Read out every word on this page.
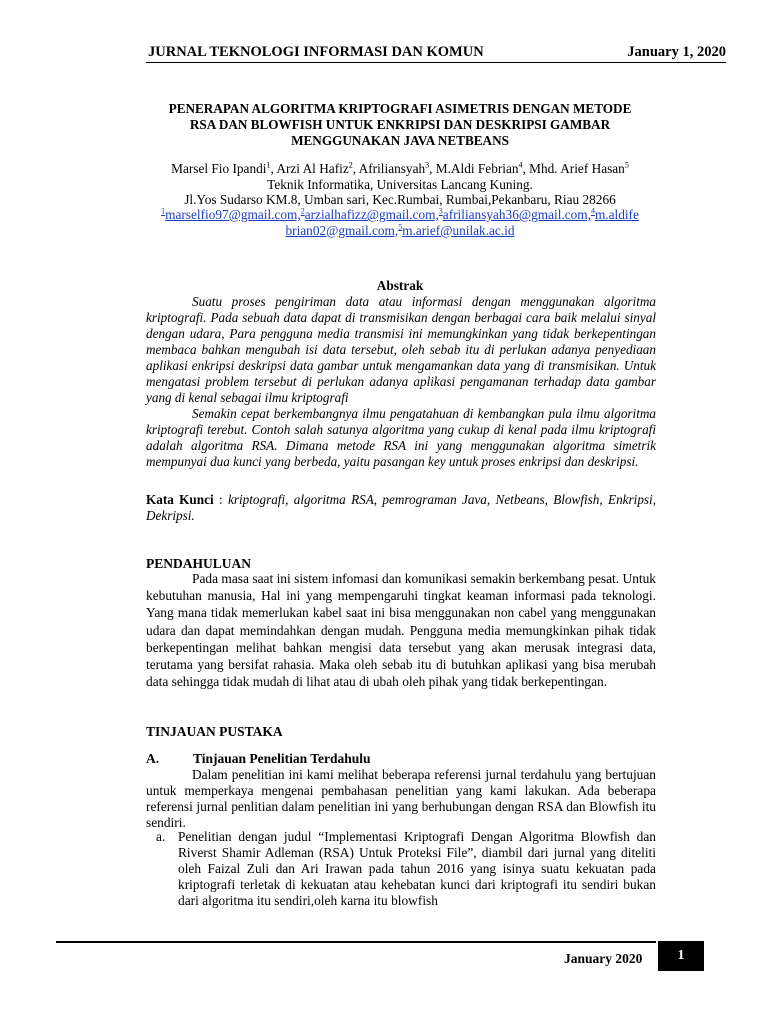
JURNAL TEKNOLOGI INFORMASI DAN KOMUN	January 1, 2020
PENERAPAN ALGORITMA KRIPTOGRAFI ASIMETRIS DENGAN METODE
RSA DAN BLOWFISH UNTUK ENKRIPSI DAN DESKRIPSI GAMBAR
MENGGUNAKAN JAVA NETBEANS
Marsel Fio Ipandi$^1$, Arzi Al Hafiz$^2$, Afriliansyah$^3$, M.Aldi Febrian$^4$, Mhd. Arief Hasan$^5$
Teknik Informatika, Universitas Lancang Kuning.
Jl.Yos Sudarso KM.8, Umban sari, Kec.Rumbai, Rumbai,Pekanbaru, Riau 28266
$^1$marselfio97@gmail.com,$^2$arzialhafizz@gmail.com,$^3$afriliansyah36@gmail.com,$^4$m.aldife
brian02@gmail.com,$^5$m.arief@unilak.ac.id
Abstrak

Suatu proses pengiriman data atau informasi dengan menggunakan algoritma kriptografi. Pada sebuah data dapat di transmisikan dengan berbagai cara baik melalui sinyal dengan udara, Para pengguna media transmisi ini memungkinkan yang tidak berkepentingan membaca bahkan mengubah isi data tersebut, oleh sebab itu di perlukan adanya penyediaan aplikasi enkripsi deskripsi data gambar untuk mengamankan data yang di transmisikan. Untuk mengatasi problem tersebut di perlukan adanya aplikasi pengamanan terhadap data gambar yang di kenal sebagai ilmu kriptografi

Semakin cepat berkembangnya ilmu pengatahuan di kembangkan pula ilmu algoritma kriptografi terebut. Contoh salah satunya algoritma yang cukup di kenal pada ilmu kriptografi adalah algoritma RSA. Dimana metode RSA ini yang menggunakan algoritma simetrik mempunyai dua kunci yang berbeda, yaitu pasangan key untuk proses enkripsi dan deskripsi.

Kata Kunci : kriptografi, algoritma RSA, pemrograman Java, Netbeans, Blowfish, Enkripsi, Dekripsi.
PENDAHULUAN

Pada masa saat ini sistem infomasi dan komunikasi semakin berkembang pesat. Untuk kebutuhan manusia, Hal ini yang mempengaruhi tingkat keaman informasi pada teknologi. Yang mana tidak memerlukan kabel saat ini bisa menggunakan non cabel yang menggunakan udara dan dapat memindahkan dengan mudah. Pengguna media memungkinkan pihak tidak berkepentingan melihat bahkan mengisi data tersebut yang akan merusak integrasi data, terutama yang bersifat rahasia. Maka oleh sebab itu di butuhkan aplikasi yang bisa merubah data sehingga tidak mudah di lihat atau di ubah oleh pihak yang tidak berkepentingan.

TINJAUAN PUSTAKA
A.	Tinjauan Penelitian Terdahulu

Dalam penelitian ini kami melihat beberapa referensi jurnal terdahulu yang bertujuan untuk memperkaya mengenai pembahasan penelitian yang kami lakukan. Ada beberapa referensi jurnal penlitian dalam penelitian ini yang berhubungan dengan RSA dan Blowfish itu sendiri.

a. Penelitian dengan judul “Implementasi Kriptografi Dengan Algoritma Blowfish dan Riverst Shamir Adleman (RSA) Untuk Proteksi File”, diambil dari jurnal yang diteliti oleh Faizal Zuli dan Ari Irawan pada tahun 2016 yang isinya suatu kekuatan pada kriptografi terletak di kekuatan atau kehebatan kunci dari kriptografi itu sendiri bukan dari algoritma itu sendiri,oleh karna itu blowfish
January 2020	1
